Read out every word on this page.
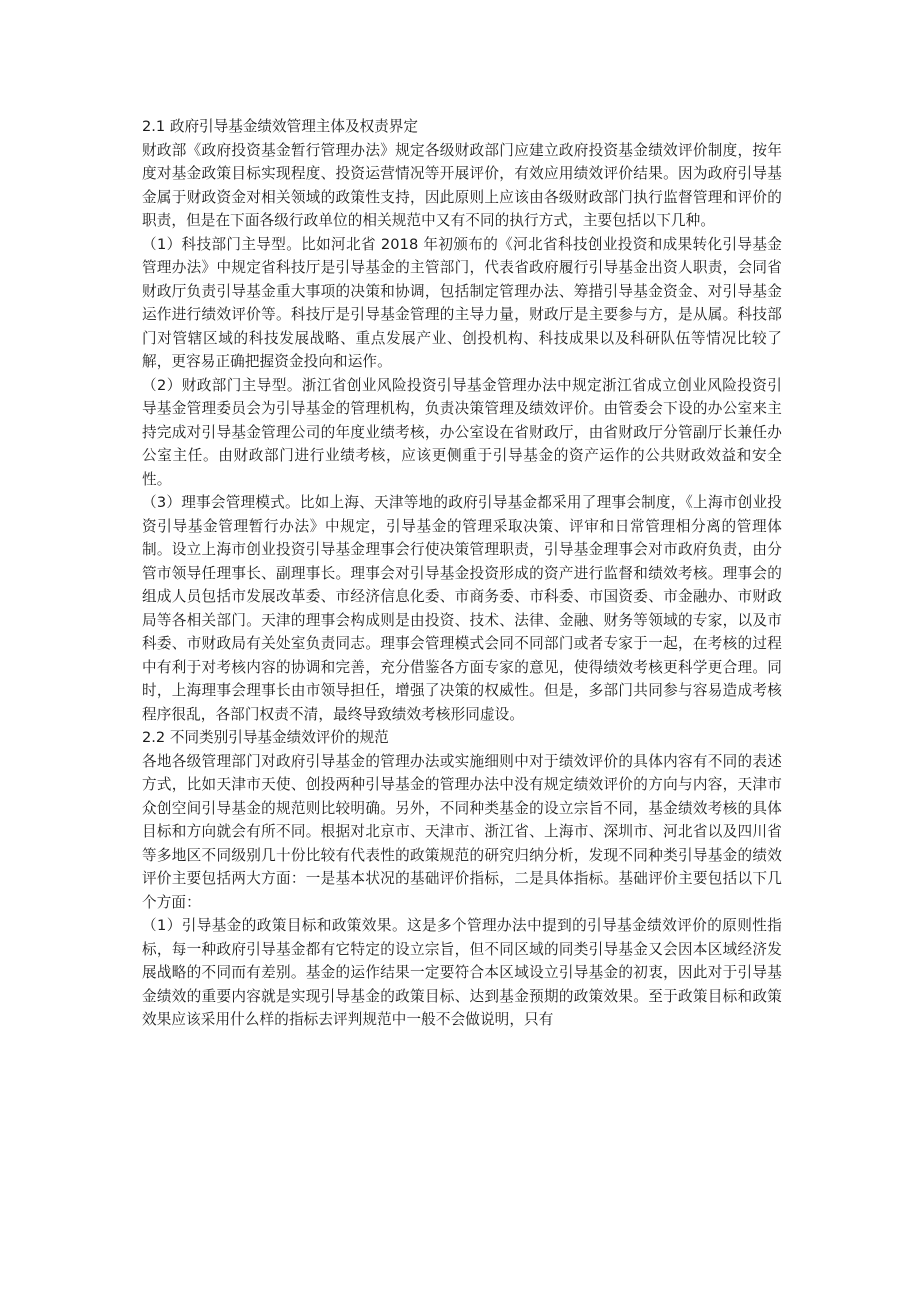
2.1 政府引导基金绩效管理主体及权责界定

财政部《政府投资基金暂行管理办法》规定各级财政部门应建立政府投资基金绩效评价制度，按年度对基金政策目标实现程度、投资运营情况等开展评价，有效应用绩效评价结果。因为政府引导基金属于财政资金对相关领域的政策性支持，因此原则上应该由各级财政部门执行监督管理和评价的职责，但是在下面各级行政单位的相关规范中又有不同的执行方式，主要包括以下几种。

（1）科技部门主导型。比如河北省 2018 年初颁布的《河北省科技创业投资和成果转化引导基金管理办法》中规定省科技厅是引导基金的主管部门，代表省政府履行引导基金出资人职责，会同省财政厅负责引导基金重大事项的决策和协调，包括制定管理办法、筹措引导基金资金、对引导基金运作进行绩效评价等。科技厅是引导基金管理的主导力量，财政厅是主要参与方，是从属。科技部门对管辖区域的科技发展战略、重点发展产业、创投机构、科技成果以及科研队伍等情况比较了解，更容易正确把握资金投向和运作。

（2）财政部门主导型。浙江省创业风险投资引导基金管理办法中规定浙江省成立创业风险投资引导基金管理委员会为引导基金的管理机构，负责决策管理及绩效评价。由管委会下设的办公室来主持完成对引导基金管理公司的年度业绩考核，办公室设在省财政厅，由省财政厅分管副厅长兼任办公室主任。由财政部门进行业绩考核，应该更侧重于引导基金的资产运作的公共财政效益和安全性。

（3）理事会管理模式。比如上海、天津等地的政府引导基金都采用了理事会制度，《上海市创业投资引导基金管理暂行办法》中规定，引导基金的管理采取决策、评审和日常管理相分离的管理体制。设立上海市创业投资引导基金理事会行使决策管理职责，引导基金理事会对市政府负责，由分管市领导任理事长、副理事长。理事会对引导基金投资形成的资产进行监督和绩效考核。理事会的组成人员包括市发展改革委、市经济信息化委、市商务委、市科委、市国资委、市金融办、市财政局等各相关部门。天津的理事会构成则是由投资、技术、法律、金融、财务等领域的专家，以及市科委、市财政局有关处室负责同志。理事会管理模式会同不同部门或者专家于一起，在考核的过程中有利于对考核内容的协调和完善，充分借鉴各方面专家的意见，使得绩效考核更科学更合理。同时，上海理事会理事长由市领导担任，增强了决策的权威性。但是，多部门共同参与容易造成考核程序很乱，各部门权责不清，最终导致绩效考核形同虚设。

2.2 不同类别引导基金绩效评价的规范

各地各级管理部门对政府引导基金的管理办法或实施细则中对于绩效评价的具体内容有不同的表述方式，比如天津市天使、创投两种引导基金的管理办法中没有规定绩效评价的方向与内容，天津市众创空间引导基金的规范则比较明确。另外，不同种类基金的设立宗旨不同，基金绩效考核的具体目标和方向就会有所不同。根据对北京市、天津市、浙江省、上海市、深圳市、河北省以及四川省等多地区不同级别几十份比较有代表性的政策规范的研究归纳分析，发现不同种类引导基金的绩效评价主要包括两大方面：一是基本状况的基础评价指标，二是具体指标。基础评价主要包括以下几个方面：

（1）引导基金的政策目标和政策效果。这是多个管理办法中提到的引导基金绩效评价的原则性指标，每一种政府引导基金都有它特定的设立宗旨，但不同区域的同类引导基金又会因本区域经济发展战略的不同而有差别。基金的运作结果一定要符合本区域设立引导基金的初衷，因此对于引导基金绩效的重要内容就是实现引导基金的政策目标、达到基金预期的政策效果。至于政策目标和政策效果应该采用什么样的指标去评判规范中一般不会做说明，只有
